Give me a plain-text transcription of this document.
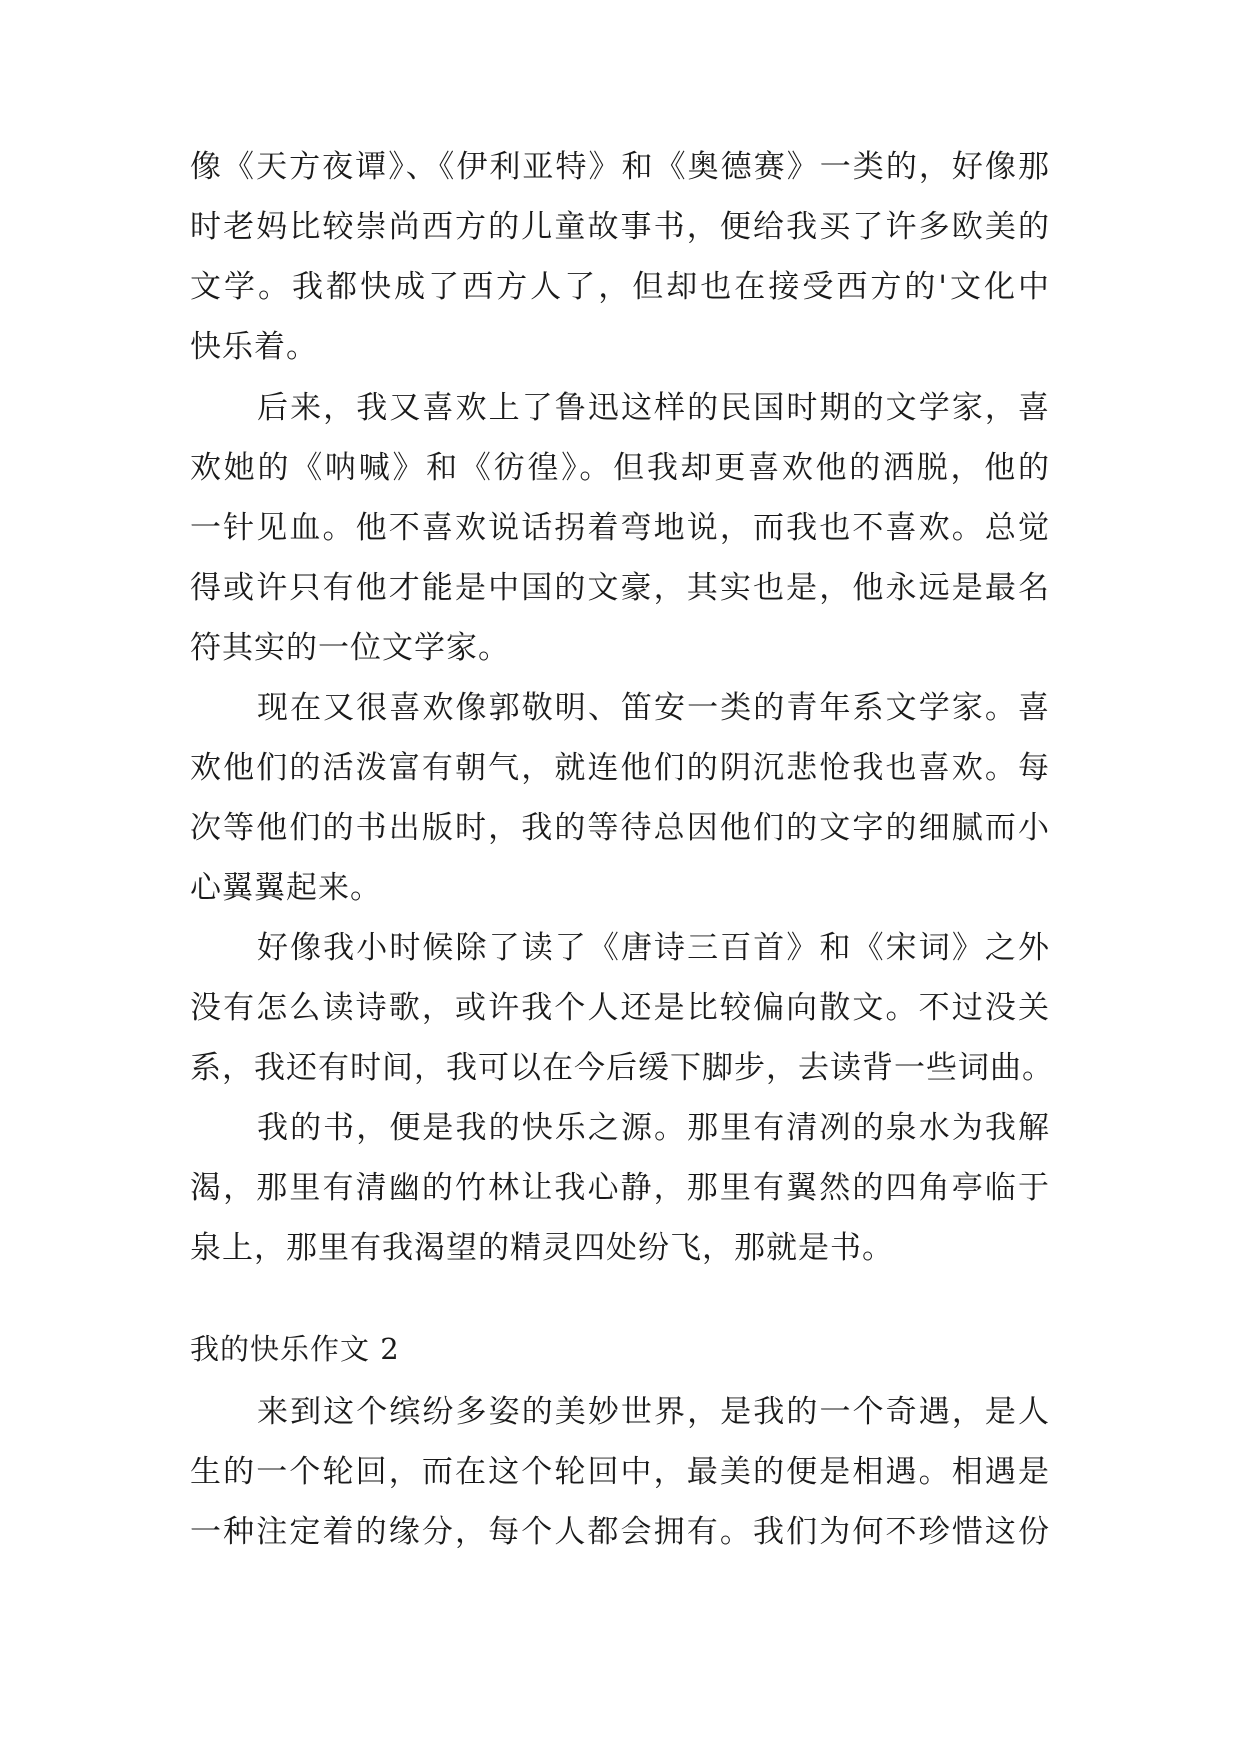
像《天方夜谭》、《伊利亚特》和《奥德赛》一类的，好像那
时老妈比较崇尚西方的儿童故事书，便给我买了许多欧美的
文学。我都快成了西方人了，但却也在接受西方的'文化中
快乐着。
后来，我又喜欢上了鲁迅这样的民国时期的文学家，喜
欢她的《呐喊》和《彷徨》。但我却更喜欢他的洒脱，他的
一针见血。他不喜欢说话拐着弯地说，而我也不喜欢。总觉
得或许只有他才能是中国的文豪，其实也是，他永远是最名
符其实的一位文学家。
现在又很喜欢像郭敬明、笛安一类的青年系文学家。喜
欢他们的活泼富有朝气，就连他们的阴沉悲怆我也喜欢。每
次等他们的书出版时，我的等待总因他们的文字的细腻而小
心翼翼起来。
好像我小时候除了读了《唐诗三百首》和《宋词》之外
没有怎么读诗歌，或许我个人还是比较偏向散文。不过没关
系，我还有时间，我可以在今后缓下脚步，去读背一些词曲。
我的书，便是我的快乐之源。那里有清冽的泉水为我解
渴，那里有清幽的竹林让我心静，那里有翼然的四角亭临于
泉上，那里有我渴望的精灵四处纷飞，那就是书。
我的快乐作文 2
来到这个缤纷多姿的美妙世界，是我的一个奇遇，是人
生的一个轮回，而在这个轮回中，最美的便是相遇。相遇是
一种注定着的缘分，每个人都会拥有。我们为何不珍惜这份
